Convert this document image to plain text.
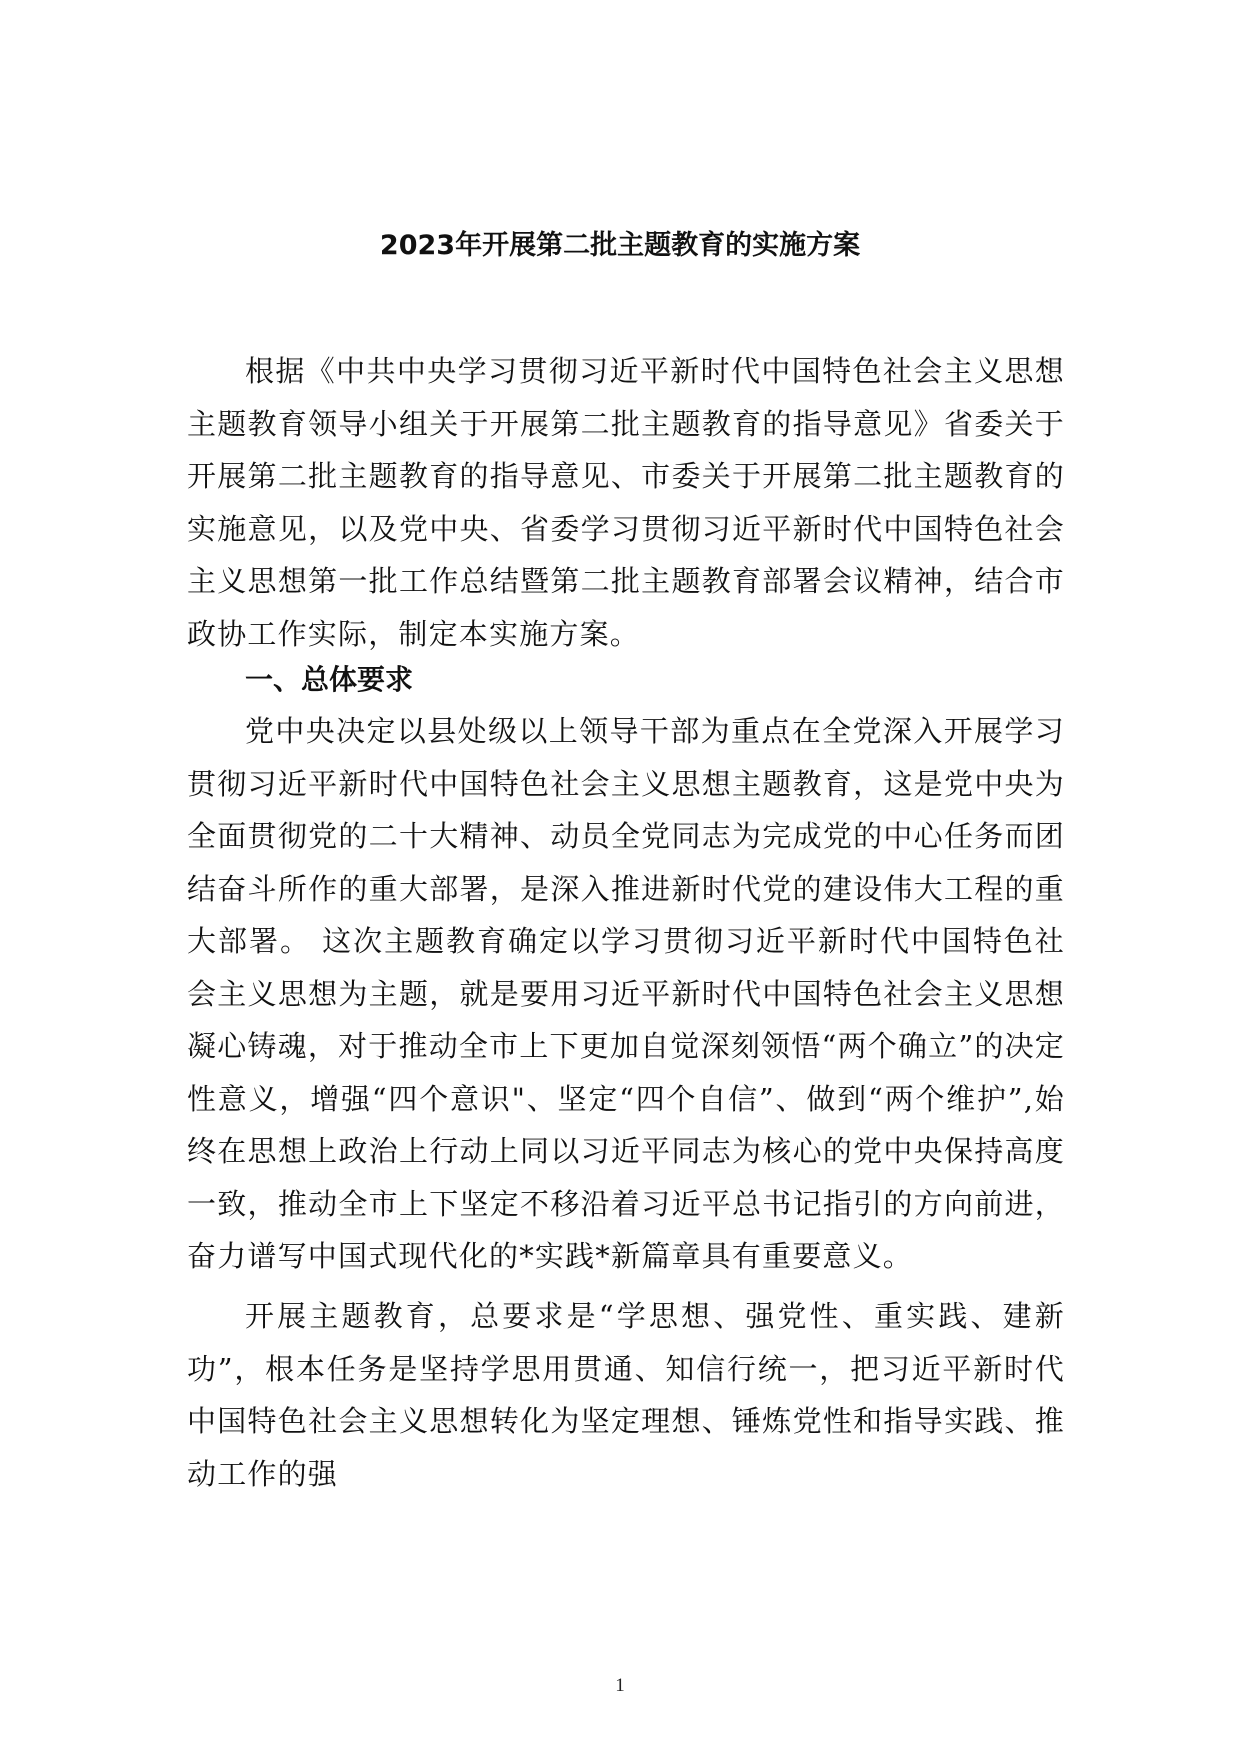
2023年开展第二批主题教育的实施方案

根据《中共中央学习贯彻习近平新时代中国特色社会主义思想主题教育领导小组关于开展第二批主题教育的指导意见》省委关于开展第二批主题教育的指导意见、市委关于开展第二批主题教育的实施意见，以及党中央、省委学习贯彻习近平新时代中国特色社会主义思想第一批工作总结暨第二批主题教育部署会议精神，结合市政协工作实际，制定本实施方案。

一、总体要求

党中央决定以县处级以上领导干部为重点在全党深入开展学习贯彻习近平新时代中国特色社会主义思想主题教育，这是党中央为全面贯彻党的二十大精神、动员全党同志为完成党的中心任务而团结奋斗所作的重大部署，是深入推进新时代党的建设伟大工程的重大部署。 这次主题教育确定以学习贯彻习近平新时代中国特色社会主义思想为主题，就是要用习近平新时代中国特色社会主义思想凝心铸魂，对于推动全市上下更加自觉深刻领悟“两个确立”的决定性意义，增强“四个意识"、坚定“四个自信”、做到“两个维护”,始终在思想上政治上行动上同以习近平同志为核心的党中央保持高度一致，推动全市上下坚定不移沿着习近平总书记指引的方向前进，奋力谱写中国式现代化的*实践*新篇章具有重要意义。

开展主题教育，总要求是“学思想、强党性、重实践、建新功”，根本任务是坚持学思用贯通、知信行统一，把习近平新时代中国特色社会主义思想转化为坚定理想、锤炼党性和指导实践、推动工作的强

1
